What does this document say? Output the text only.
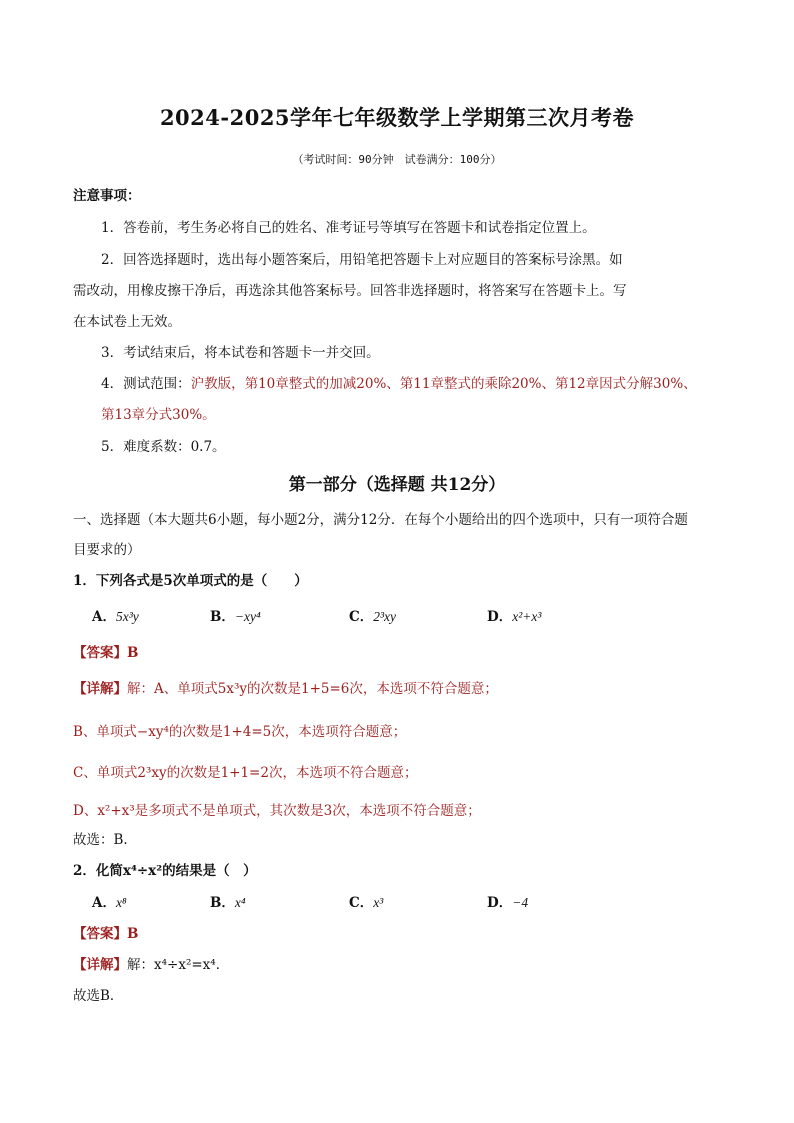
2024-2025学年七年级数学上学期第三次月考卷
（考试时间：90分钟　试卷满分：100分）
注意事项：
1．答卷前，考生务必将自己的姓名、准考证号等填写在答题卡和试卷指定位置上。
2．回答选择题时，选出每小题答案后，用铅笔把答题卡上对应题目的答案标号涂黑。如
需改动，用橡皮擦干净后，再选涂其他答案标号。回答非选择题时，将答案写在答题卡上。写
在本试卷上无效。
3．考试结束后，将本试卷和答题卡一并交回。
4．测试范围：沪教版，第10章整式的加减20%、第11章整式的乘除20%、第12章因式分解30%、
第13章分式30%。
5．难度系数：0.7。
第一部分（选择题 共12分）
一、选择题（本大题共6小题，每小题2分，满分12分．在每个小题给出的四个选项中，只有一项符合题
目要求的）
1．下列各式是5次单项式的是（　　）
A．5x³y	B．−xy⁴	C．2³xy	D．x²+x³
【答案】B
【详解】解：A、单项式5x³y的次数是1+5=6次，本选项不符合题意；
B、单项式−xy⁴的次数是1+4=5次，本选项符合题意；
C、单项式2³xy的次数是1+1=2次，本选项不符合题意；
D、x²+x³是多项式不是单项式，其次数是3次，本选项不符合题意；
故选：B.
2．化简x⁴÷x²的结果是（　）
A．x⁸	B．x⁴	C．x³	D．−4
【答案】B
【详解】解：x⁴÷x²=x⁴．
故选B．
